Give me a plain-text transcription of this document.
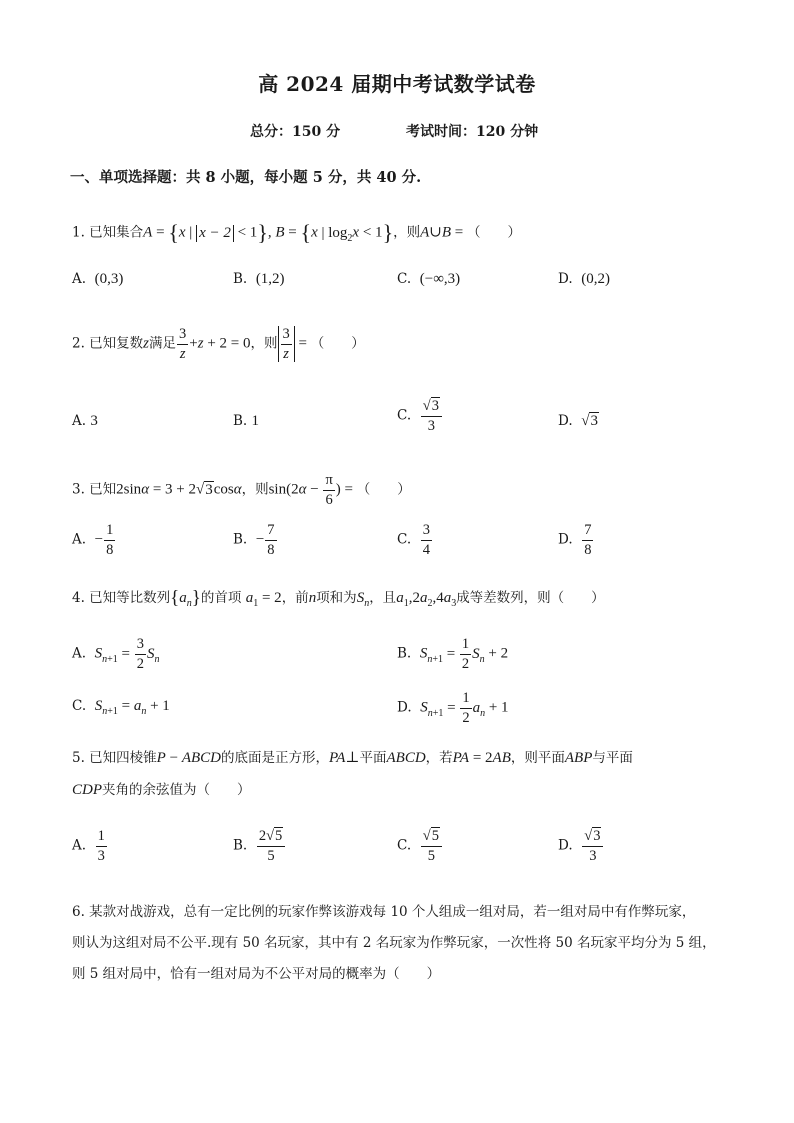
高 2024 届期中考试数学试卷
总分：150 分	考试时间：120 分钟
一、单项选择题：共 8 小题，每小题 5 分，共 40 分.
1. 已知集合A = {x | x − 2 < 1}, B = {x | $\log_2x < 1$}，则A∪B = （　　）
A. (0,3)	B. (1,2)	C. (−∞,3)	D. (0,2)
2. 已知复数z满足 $\frac{3}{z} +z + 2 = 0$，则 $\frac{3}{z}$ = （　　）
A. 3	B. 1	C. $\frac{√3}{3}$	D. √3
3. 已知2sinα = 3 + 2√3cosα，则$\sin(2\alpha - \frac{\pi}{6}$ ) = （　　）
A. − $\frac{1}{8}$	B. − $\frac{7}{8}$	C. $\frac{3}{4}$	D. $\frac{7}{8}$
4. 已知等比数列$\{a_n\}$的首项 $a_1 = 2$，前n项和为$S_n$，且$a_1,2a_2,4a_3$成等差数列，则（　　）
A. $S_{n+1} = \frac{3}{2} S_n$	B. $S_{n+1} = \frac{1}{2} S_n + 2$
C. $S_{n+1} = a_n + 1$	D. $S_{n+1} = \frac{1}{2} a_n + 1$
5. 已知四棱锥P − ABCD的底面是正方形，PA⊥平面ABCD，若PA = 2AB，则平面ABP与平面
CDP夹角的余弦值为（　　）
A. $\frac{1}{3}$	B. $\frac{2√5}{5}$	C. $\frac{√5}{5}$	D. $\frac{√3}{3}$
6. 某款对战游戏，总有一定比例的玩家作弊该游戏每 10 个人组成一组对局，若一组对局中有作弊玩家，
则认为这组对局不公平.现有 50 名玩家，其中有 2 名玩家为作弊玩家，一次性将 50 名玩家平均分为 5 组，
则 5 组对局中，恰有一组对局为不公平对局的概率为（　　）
